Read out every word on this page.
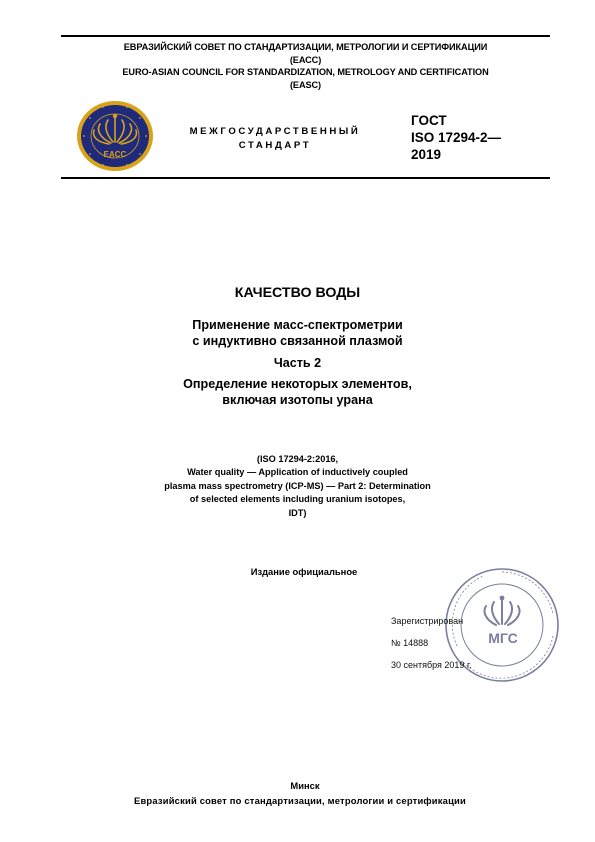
ЕВРАЗИЙСКИЙ СОВЕТ ПО СТАНДАРТИЗАЦИИ, МЕТРОЛОГИИ И СЕРТИФИКАЦИИ
(ЕАСС)
EURO-ASIAN COUNCIL FOR STANDARDIZATION, METROLOGY AND CERTIFICATION
(EASC)
EACC
МЕЖГОСУДАРСТВЕННЫЙ
СТАНДАРТ
ГОСТ
ISO 17294-2—
2019
КАЧЕСТВО ВОДЫ
Применение масс-спектрометрии
с индуктивно связанной плазмой
Часть 2
Определение некоторых элементов,
включая изотопы урана
(ISO 17294-2:2016,
Water quality — Application of inductively coupled
plasma mass spectrometry (ICP-MS) — Part 2: Determination
of selected elements including uranium isotopes,
IDT)
Издание официальное
МГС
Зарегистрирован
№ 14888
30 сентября 2019 г.
Минск
Евразийский совет по стандартизации, метрологии и сертификации
